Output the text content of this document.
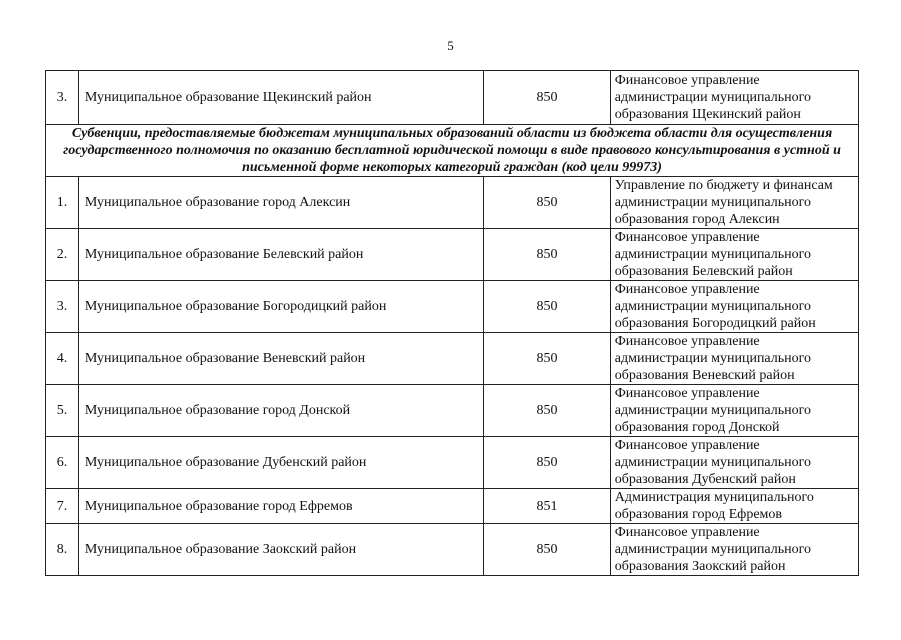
5
3.	Муниципальное образование Щекинский район	850	Финансовое управление администрации муниципального образования Щекинский район
Субвенции, предоставляемые бюджетам муниципальных образований области из бюджета области для осуществления государственного полномочия по оказанию бесплатной юридической помощи в виде правового консультирования в устной и письменной форме некоторых категорий граждан (код цели 99973)			
1.	Муниципальное образование город Алексин	850	Управление по бюджету и финансам администрации муниципального образования город Алексин
2.	Муниципальное образование Белевский район	850	Финансовое управление администрации муниципального образования Белевский район
3.	Муниципальное образование Богородицкий район	850	Финансовое управление администрации муниципального образования Богородицкий район
4.	Муниципальное образование Веневский район	850	Финансовое управление администрации муниципального образования Веневский район
5.	Муниципальное образование город Донской	850	Финансовое управление администрации муниципального образования город Донской
6.	Муниципальное образование Дубенский район	850	Финансовое управление администрации муниципального образования Дубенский район
7.	Муниципальное образование город Ефремов	851	Администрация муниципального образования город Ефремов
8.	Муниципальное образование Заокский район	850	Финансовое управление администрации муниципального образования Заокский район
